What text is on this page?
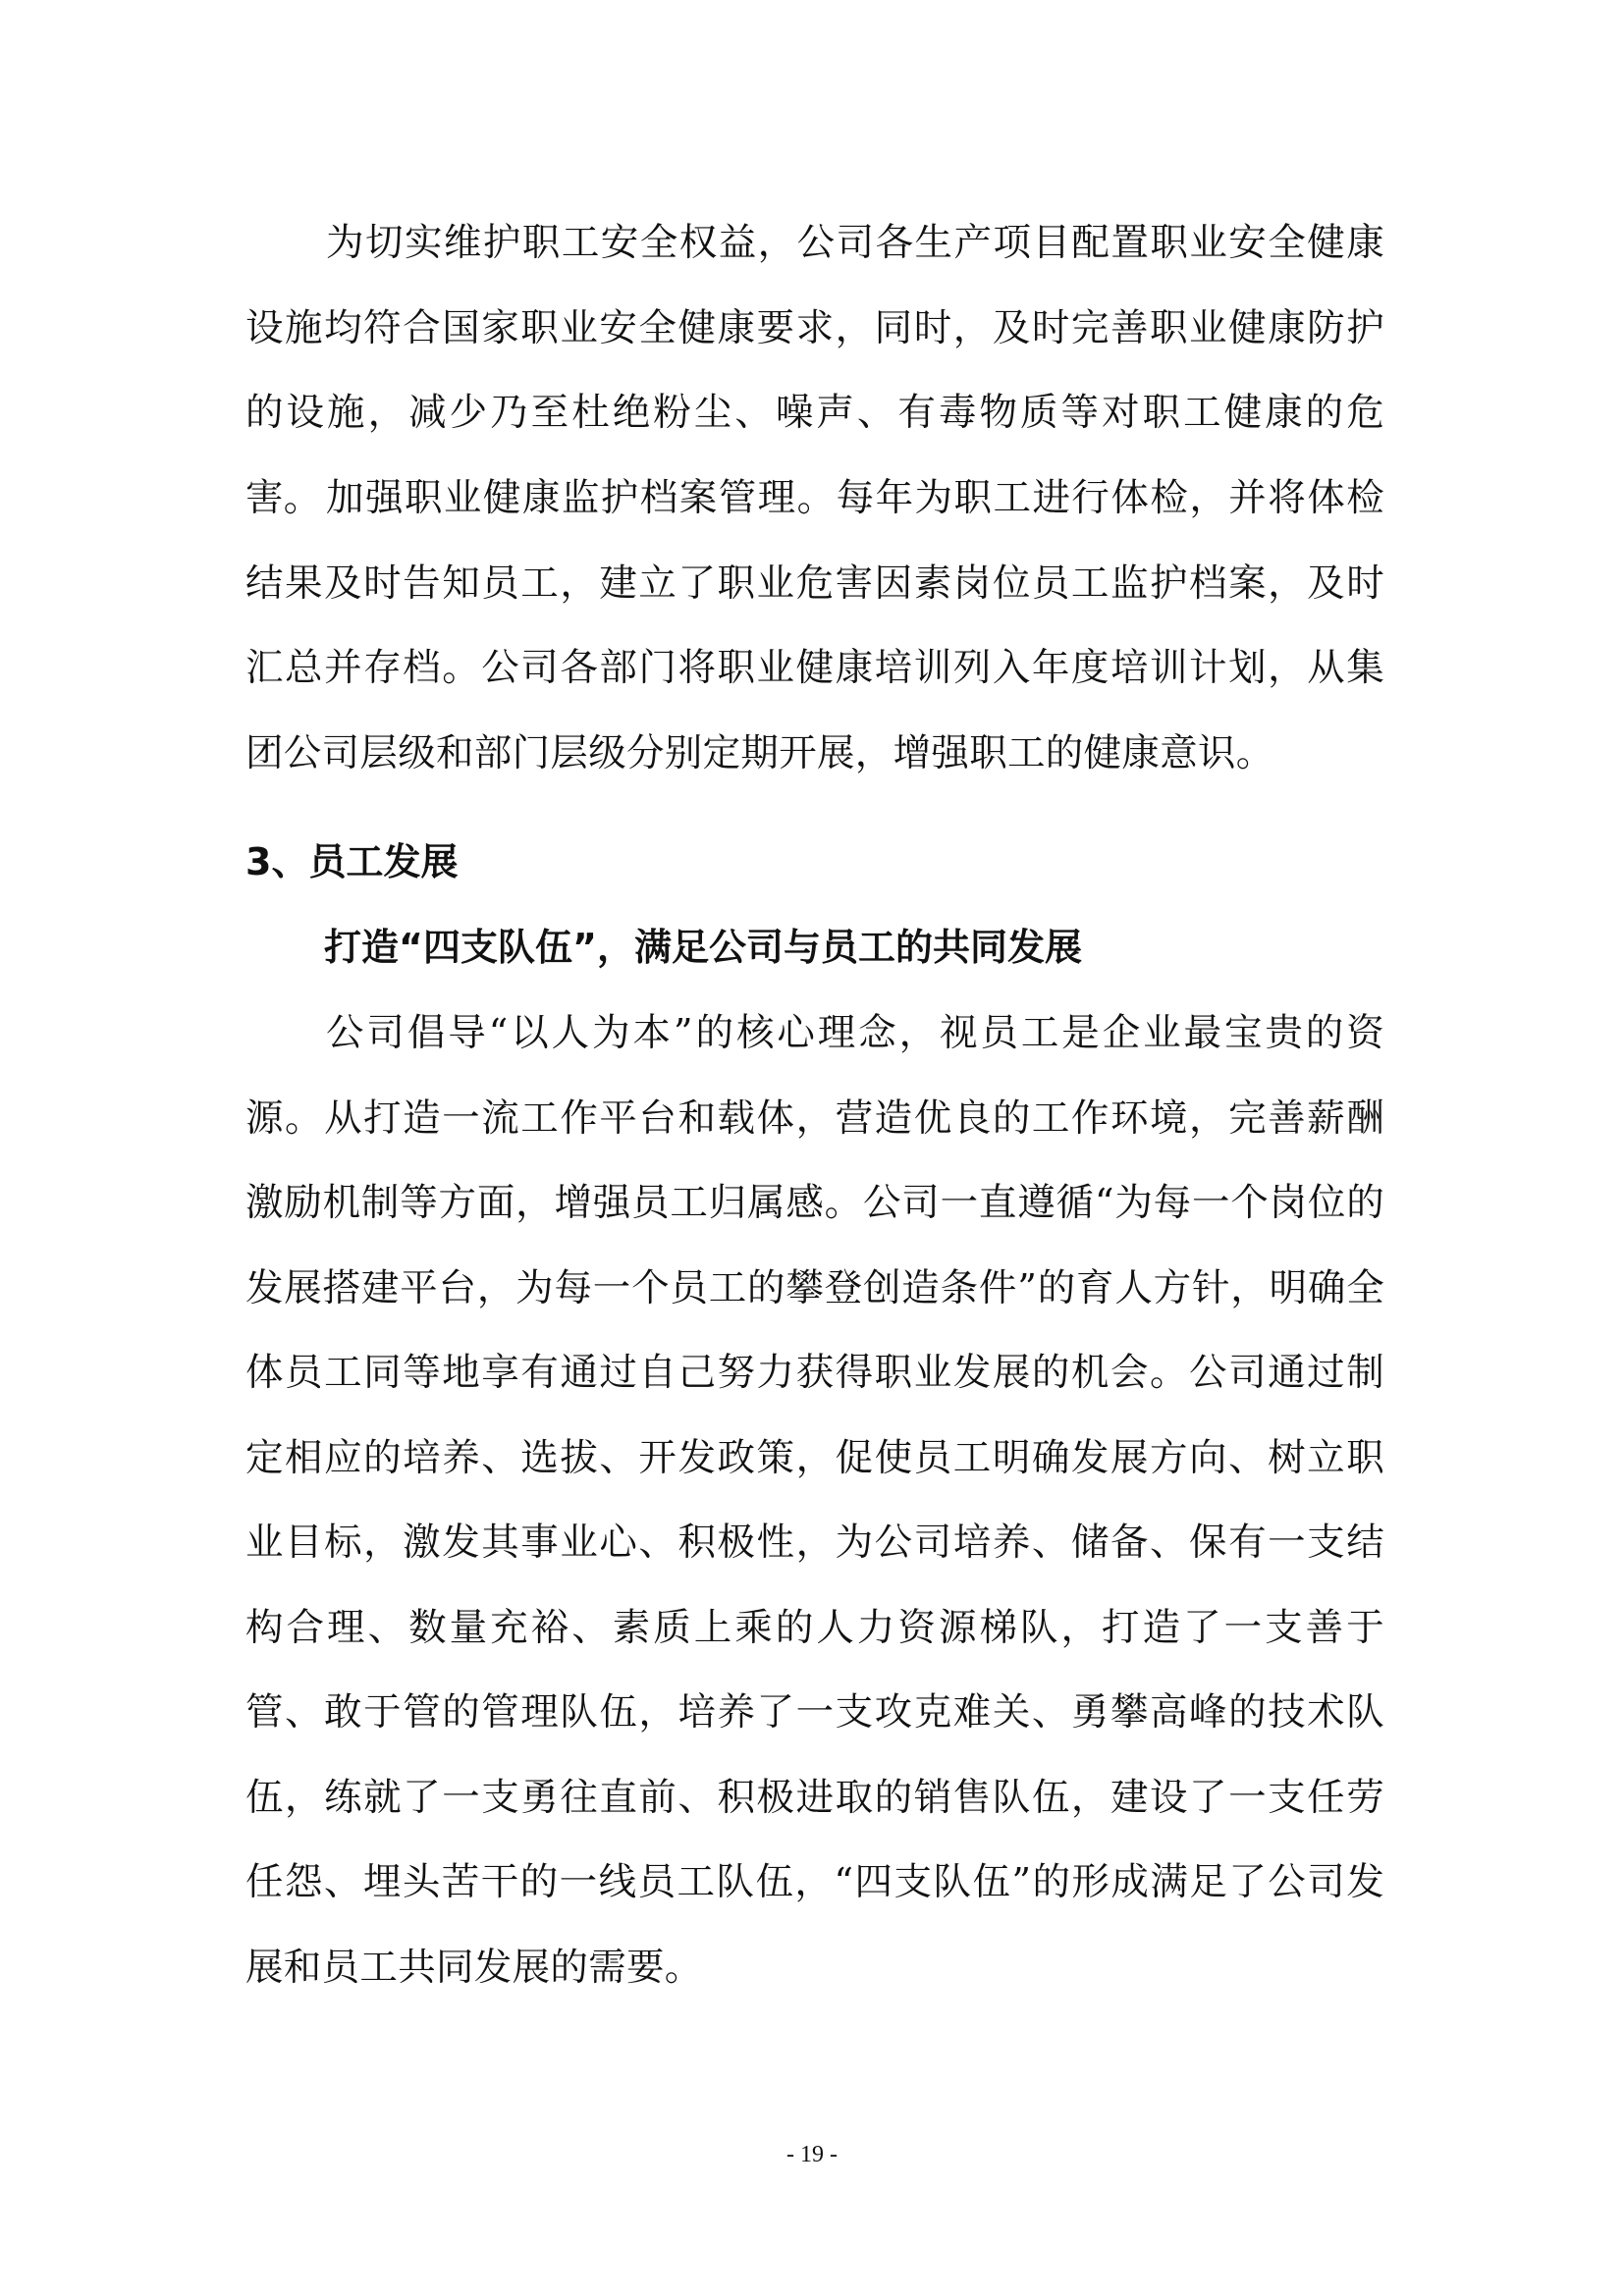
为切实维护职工安全权益，公司各生产项目配置职业安全健康设施均符合国家职业安全健康要求，同时，及时完善职业健康防护的设施，减少乃至杜绝粉尘、噪声、有毒物质等对职工健康的危害。 加强职业健康监护档案管理。每年为职工进行体检，并将体检结果及时告知员工，建立了职业危害因素岗位员工监护档案，及时汇总并存档。公司各部门将职业健康培训列入年度培训计划，从集团公司层级和部门层级分别定期开展，增强职工的健康意识。

3、员工发展
打造“四支队伍”，满足公司与员工的共同发展

公司倡导“以人为本”的核心理念，视员工是企业最宝贵的资源。从打造一流工作平台和载体，营造优良的工作环境，完善薪酬激励机制等方面，增强员工归属感。公司一直遵循“为每一个岗位的发展搭建平台，为每一个员工的攀登创造条件”的育人方针，明确全体员工同等地享有通过自己努力获得职业发展的机会。公司通过制定相应的培养、选拔、开发政策，促使员工明确发展方向、树立职业目标，激发其事业心、积极性，为公司培养、储备、保有一支结构合理、数量充裕、素质上乘的人力资源梯队，打造了一支善于管、敢于管的管理队伍，培养了一支攻克难关、勇攀高峰的技术队伍，练就了一支勇往直前、积极进取的销售队伍，建设了一支任劳任怨、埋头苦干的一线员工队伍，“四支队伍”的形成满足了公司发展和员工共同发展的需要。

- 19 -
